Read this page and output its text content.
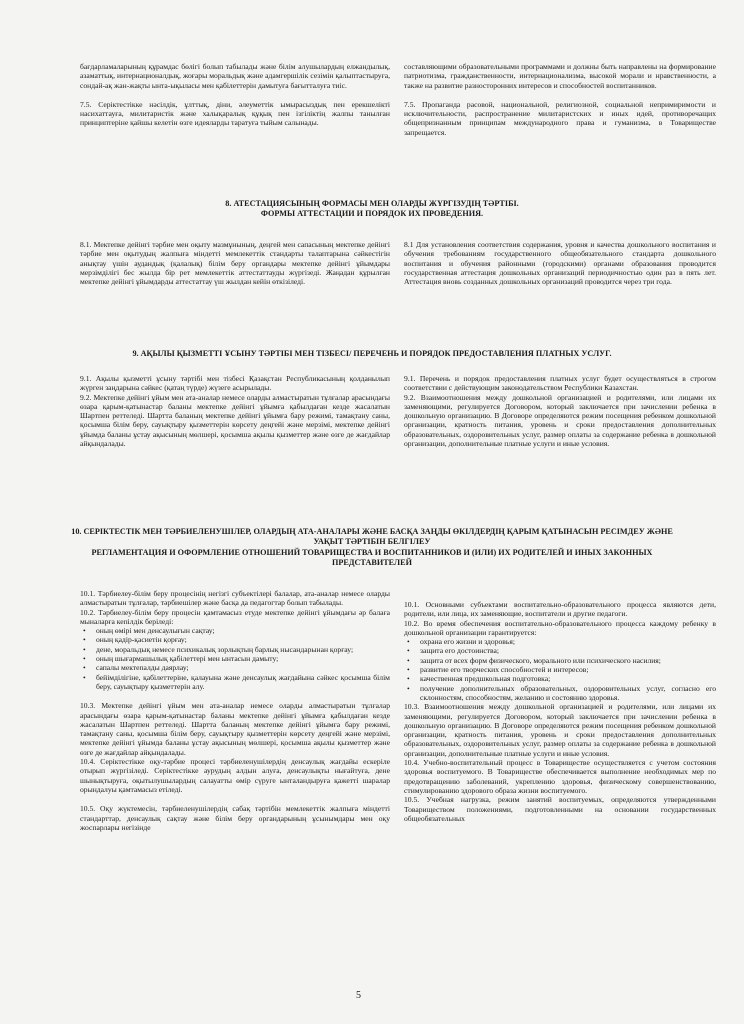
бағдарламаларының құрамдас бөлігі болып табылады және білім алушылардың елжандылық, азаматтық, интернационалдық, жоғары моральдық және адамгершілік сезімін қалыптастыруға, сондай-ақ жан-жақты ынта-ықыласы мен қабілеттерін дамытуға бағытталуға тиіс.

7.5. Серіктестікке нәсілдік, ұлттық, діни, әлеуметтік ымырасыздық пен ерекшелікті насихаттауға, милитаристік және халықаралық құқық пен ізгіліктің жалпы танылған принциптеріне қайшы келетін өзге идеяларды таратуға тыйым салынады.

составляющими образовательными программами и должны быть направлены на формирование патриотизма, гражданственности, интернационализма, высокой морали и нравственности, а также на развитие разносторонних интересов и способностей воспитанников.

7.5. Пропаганда расовой, национальной, религиозной, социальной непримиримости и исключительности, распространение милитаристских и иных идей, противоречащих общепризнанным принципам международного права и гуманизма, в Товариществе запрещается.

8. АТЕСТАЦИЯСЫНЫҢ ФОРМАСЫ МЕН ОЛАРДЫ ЖҮРГІЗУДІҢ ТӘРТІБІ.

ФОРМЫ АТТЕСТАЦИИ И ПОРЯДОК ИХ ПРОВЕДЕНИЯ.

8.1. Мектепке дейінгі тәрбие мен оқыту мазмұнының, деңгей мен сапасының мектепке дейінгі тәрбие мен оқытудың жалпыға міндетті мемлекеттік стандарты талаптарына сәйкестігін анықтау үшін аудандық (қалалық) білім беру органдары мектепке дейінгі ұйымдары мерзімділігі бес жылда бір рет мемлекеттік аттестаттауды жүргізеді. Жаңадан құрылған мектепке дейінгі ұйымдарды аттестаттау үш жылдан кейін өткізіледі.

8.1 Для установления соответствия содержания, уровня и качества дошкольного воспитания и обучения требованиям государственного общеобязательного стандарта дошкольного воспитания и обучения районными (городскими) органами образования проводится государственная аттестация дошкольных организаций периодичностью один раз в пять лет. Аттестация вновь созданных дошкольных организаций проводится через три года.

9. АҚЫЛЫ ҚЫЗМЕТТІ ҰСЫНУ ТӘРТІБІ МЕН ТІЗБЕСІ/ ПЕРЕЧЕНЬ И ПОРЯДОК ПРЕДОСТАВЛЕНИЯ ПЛАТНЫХ УСЛУГ.

9.1. Ақылы қызметті ұсыну тәртібі мен тізбесі Қазақстан Республикасының қолданылып жүрген заңдарына сәйкес (қатаң түрде) жүзеге асырылады.

9.2. Мектепке дейінгі ұйым мен ата-аналар немесе оларды алмастыратын тұлғалар арасындағы өзара қарым-қатынастар баланы мектепке дейінгі ұйымға қабылдаған кезде жасалатын Шартпен реттеледі. Шартта баланың мектепке дейінгі ұйымға бару режимі, тамақтану саны, қосымша білім беру, сауықтыру қызметтерін көрсету деңгейі және мерзімі, мектепке дейінгі ұйымда баланы ұстау ақысының мөлшері, қосымша ақылы қызметтер және өзге де жағдайлар айқындалады.

9.1. Перечень и порядок предоставления платных услуг будет осуществляться в строгом соответствии с действующим законодательством Республики Казахстан.

9.2. Взаимоотношения между дошкольной организацией и родителями, или лицами их заменяющими, регулируется Договором, который заключается при зачислении ребенка в дошкольную организацию. В Договоре определяются режим посещения ребенком дошкольной организации, кратность питания, уровень и сроки предоставления дополнительных образовательных, оздоровительных услуг, размер оплаты за содержание ребенка в дошкольной организации, дополнительные платные услуги и иные условия.

10. СЕРІКТЕСТІК МЕН ТӘРБИЕЛЕНУШІЛЕР, ОЛАРДЫҢ АТА-АНАЛАРЫ ЖӘНЕ БАСҚА ЗАҢДЫ ӨКІЛДЕРДІҢ ҚАРЫМ ҚАТЫНАСЫН РЕСІМДЕУ ЖӘНЕ УАҚЫТ ТӘРТІБІН БЕЛГІЛЕУ

РЕГЛАМЕНТАЦИЯ И ОФОРМЛЕНИЕ ОТНОШЕНИЙ ТОВАРИЩЕСТВА И ВОСПИТАННИКОВ И (ИЛИ) ИХ РОДИТЕЛЕЙ И ИНЫХ ЗАКОННЫХ ПРЕДСТАВИТЕЛЕЙ

10.1. Тәрбиелеу-білім беру процесінің негізгі субъектілері балалар, ата-аналар немесе оларды алмастыратын тұлғалар, тәрбиешілер және басқа да педагогтар болып табылады.

10.2. Тәрбиелеу-білім беру процесін қамтамасыз етуде мектепке дейінгі ұйымдағы әр балаға мыналарға кепілдік беріледі:

• оның өмірі мен денсаулығын сақтау;
• оның қадір-қасиетін қорғау;
• дене, моральдық немесе психикалық зорлықтың барлық нысандарынан қорғау;
• оның шығармашылық қабілеттері мен ынтасын дамыту;
• сапалы мектепалды даярлау;
• бейімділігіне, қабілеттеріне, қалауына және денсаулық жағдайына сәйкес қосымша білім беру, сауықтыру қызметтерін алу.

10.3. Мектепке дейінгі ұйым мен ата-аналар немесе оларды алмастыратын тұлғалар арасындағы өзара қарым-қатынастар баланы мектепке дейінгі ұйымға қабылдаған кезде жасалатын Шартпен реттеледі. Шартта баланың мектепке дейінгі ұйымға бару режимі, тамақтану саны, қосымша білім беру, сауықтыру қызметтерін көрсету деңгейі және мерзімі, мектепке дейінгі ұйымда баланы ұстау ақысының мөлшері, қосымша ақылы қызметтер және өзге де жағдайлар айқындалады.

10.4. Серіктестікке оқу-тәрбие процесі тәрбиеленушілердің денсаулық жағдайы ескеріле отырып жүргізіледі. Серіктестікке аурудың алдын алуға, денсаулықты нығайтуға, дене шынықтыруға, оқытылушылардың салауатты өмір сүруге ынталандыруға қажетті шаралар орындалуы қамтамасыз етіледі.

10.5. Оқу жүктемесін, тәрбиеленушілердің сабақ тәртібін мемлекеттік жалпыға міндетті стандарттар, денсаулық сақтау және білім беру органдарының ұсынымдары мен оқу жоспарлары негізінде

10.1. Основными субъектами воспитательно-образовательного процесса являются дети, родители, или лица, их заменяющие, воспитатели и другие педагоги.

10.2. Во время обеспечения воспитательно-образовательного процесса каждому ребенку в дошкольной организации гарантируется:

• охрана его жизни и здоровья;
• защита его достоинства;
• защита от всех форм физического, морального или психического насилия;
• развитие его творческих способностей и интересов;
• качественная предшкольная подготовка;
• получение дополнительных образовательных, оздоровительных услуг, согласно его склонностям, способностям, желанию и состоянию здоровья.

10.3. Взаимоотношения между дошкольной организацией и родителями, или лицами их заменяющими, регулируется Договором, который заключается при зачислении ребенка в дошкольную организацию. В Договоре определяются режим посещения ребенком дошкольной организации, кратность питания, уровень и сроки предоставления дополнительных образовательных, оздоровительных услуг, размер оплаты за содержание ребенка в дошкольной организации, дополнительные платные услуги и иные условия.

10.4. Учебно-воспитательный процесс в Товариществе осуществляется с учетом состояния здоровья воспитуемого. В Товариществе обеспечивается выполнение необходимых мер по предотвращению заболеваний, укреплению здоровья, физическому совершенствованию, стимулированию здорового образа жизни воспитуемого.

10.5. Учебная нагрузка, режим занятий воспитуемых, определяются утвержденными Товариществом положениями, подготовленными на основании государственных общеобязательных

5
